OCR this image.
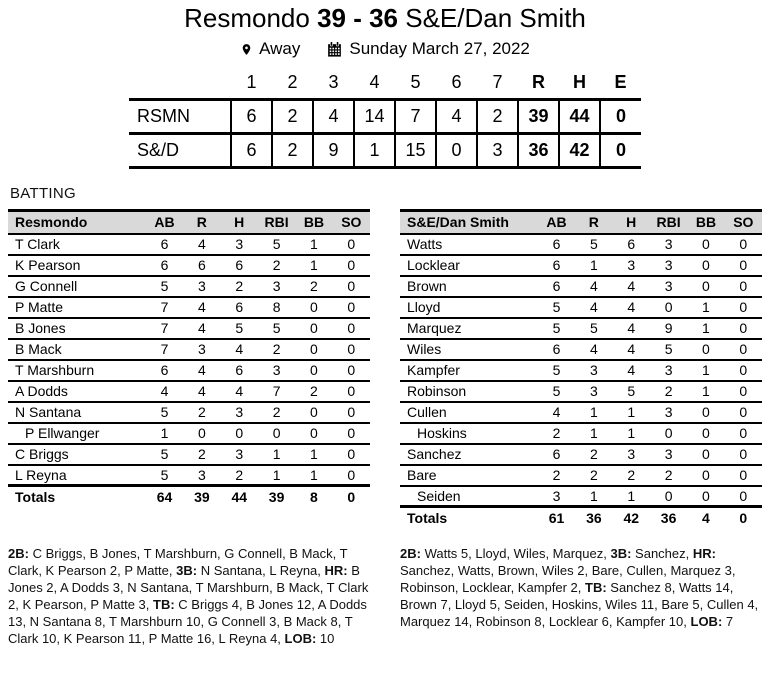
Resmondo 39 - 36 S&E/Dan Smith
Away	Sunday March 27, 2022
	1	2	3	4	5	6	7	R	H	E
RSMN	6	2	4	14	7	4	2	39	44	0
S&/D	6	2	9	1	15	0	3	36	42	0
BATTING
Resmondo	AB	R	H	RBI	BB	SO
T Clark	6	4	3	5	1	0
K Pearson	6	6	6	2	1	0
G Connell	5	3	2	3	2	0
P Matte	7	4	6	8	0	0
B Jones	7	4	5	5	0	0
B Mack	7	3	4	2	0	0
T Marshburn	6	4	6	3	0	0
A Dodds	4	4	4	7	2	0
N Santana	5	2	3	2	0	0
P Ellwanger	1	0	0	0	0	0
C Briggs	5	2	3	1	1	0
L Reyna	5	3	2	1	1	0
Totals	64	39	44	39	8	0
S&E/Dan Smith	AB	R	H	RBI	BB	SO
Watts	6	5	6	3	0	0
Locklear	6	1	3	3	0	0
Brown	6	4	4	3	0	0
Lloyd	5	4	4	0	1	0
Marquez	5	5	4	9	1	0
Wiles	6	4	4	5	0	0
Kampfer	5	3	4	3	1	0
Robinson	5	3	5	2	1	0
Cullen	4	1	1	3	0	0
Hoskins	2	1	1	0	0	0
Sanchez	6	2	3	3	0	0
Bare	2	2	2	2	0	0
Seiden	3	1	1	0	0	0
Totals	61	36	42	36	4	0
2B: C Briggs, B Jones, T Marshburn, G Connell, B Mack, T Clark, K Pearson 2, P Matte, 3B: N Santana, L Reyna, HR: B Jones 2, A Dodds 3, N Santana, T Marshburn, B Mack, T Clark 2, K Pearson, P Matte 3, TB: C Briggs 4, B Jones 12, A Dodds 13, N Santana 8, T Marshburn 10, G Connell 3, B Mack 8, T Clark 10, K Pearson 11, P Matte 16, L Reyna 4, LOB: 10
2B: Watts 5, Lloyd, Wiles, Marquez, 3B: Sanchez, HR: Sanchez, Watts, Brown, Wiles 2, Bare, Cullen, Marquez 3, Robinson, Locklear, Kampfer 2, TB: Sanchez 8, Watts 14, Brown 7, Lloyd 5, Seiden, Hoskins, Wiles 11, Bare 5, Cullen 4, Marquez 14, Robinson 8, Locklear 6, Kampfer 10, LOB: 7
